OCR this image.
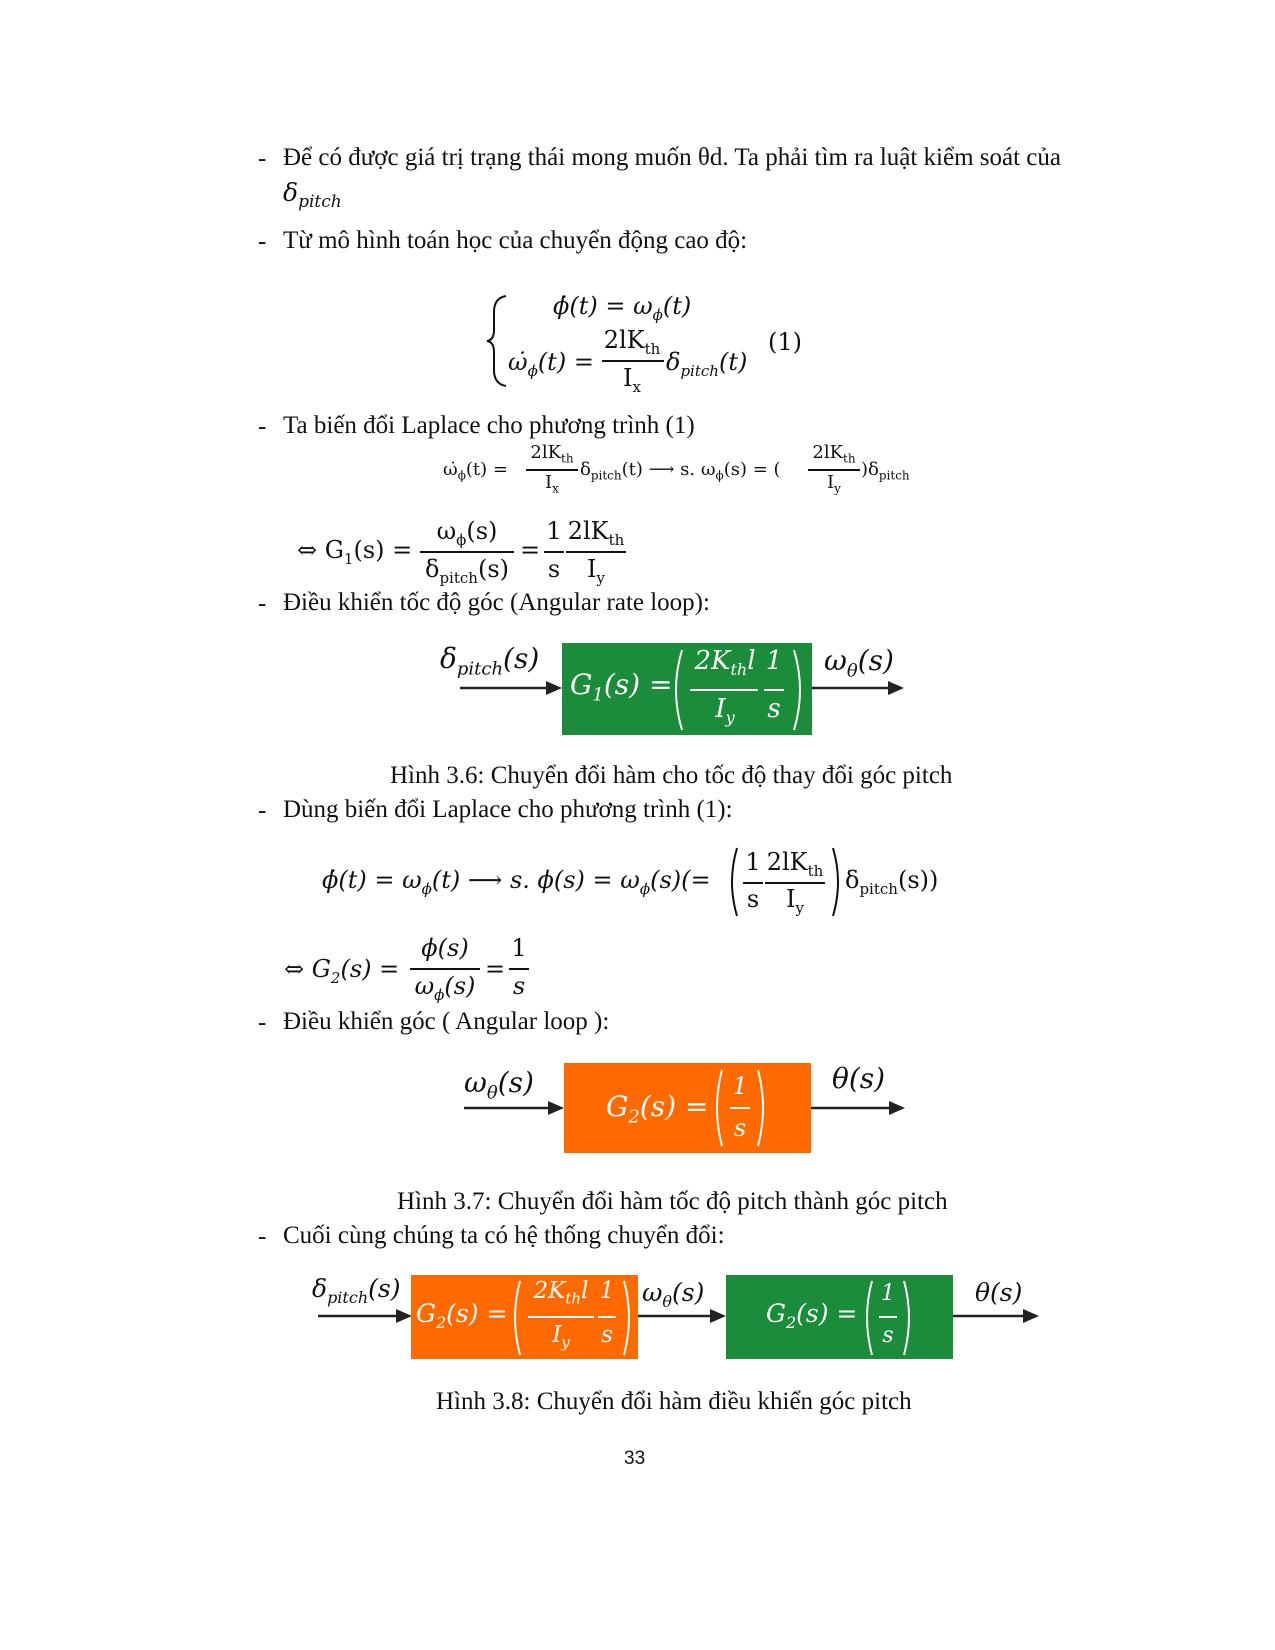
- Để có được giá trị trạng thái mong muốn θd. Ta phải tìm ra luật kiểm soát của
$\delta_{pitch}$
- Từ mô hình toán học của chuyển động cao độ:
ϕ̇(t) = $\omega_\phi(t)$
$\omegȧ_\phi(t)$ =
$2lK_{th}$
$I_x$
$\delta_{pitch}(t)$
(1)
- Ta biến đổi Laplace cho phương trình (1)
$\omegȧ_\phi(t)$ =
$2lK_{th}$
$I_x$
$\delta_{pitch}(t)$ ⟶ s. $\omega_\phi(s)$ = (
$2lK_{th}$
$I_y$
)$\delta_{pitch}$
⇔ $G_1(s)$ =
$\omega_\phi(s)$
$\delta_{pitch}(s)$
=
1
s
$2lK_{th}$
$I_y$
- Điều khiển tốc độ góc (Angular rate loop):
$\delta_{pitch}(s)$
$G_1(s)$ =
$2K_{th}l$
$I_y$
1
s
$\omega_\theta(s)$
Hình 3.6: Chuyển đổi hàm cho tốc độ thay đổi góc pitch
- Dùng biến đổi Laplace cho phương trình (1):
ϕ̇(t) = $\omega_\phi(t)$ ⟶ s. $\phi(s) = \omega_\phi(s)(=$
1
s
$2lK_{th}$
$I_y$
$\delta_{pitch}(s)$)
⇔ $G_2(s)$ =
ϕ(s)
$\omega_\phi(s)$
=
1
s
- Điều khiển góc ( Angular loop ):
$\omega_\theta(s)$
$G_2(s)$ =
1
s
θ(s)
Hình 3.7: Chuyển đổi hàm tốc độ pitch thành góc pitch
- Cuối cùng chúng ta có hệ thống chuyển đổi:
$\delta_{pitch}(s)$
$G_2(s)$ =
$2K_{th}l$
$I_y$
1
s
$\omega_\theta(s)$
$G_2(s)$ =
1
s
θ(s)
Hình 3.8: Chuyển đổi hàm điều khiển góc pitch
33
